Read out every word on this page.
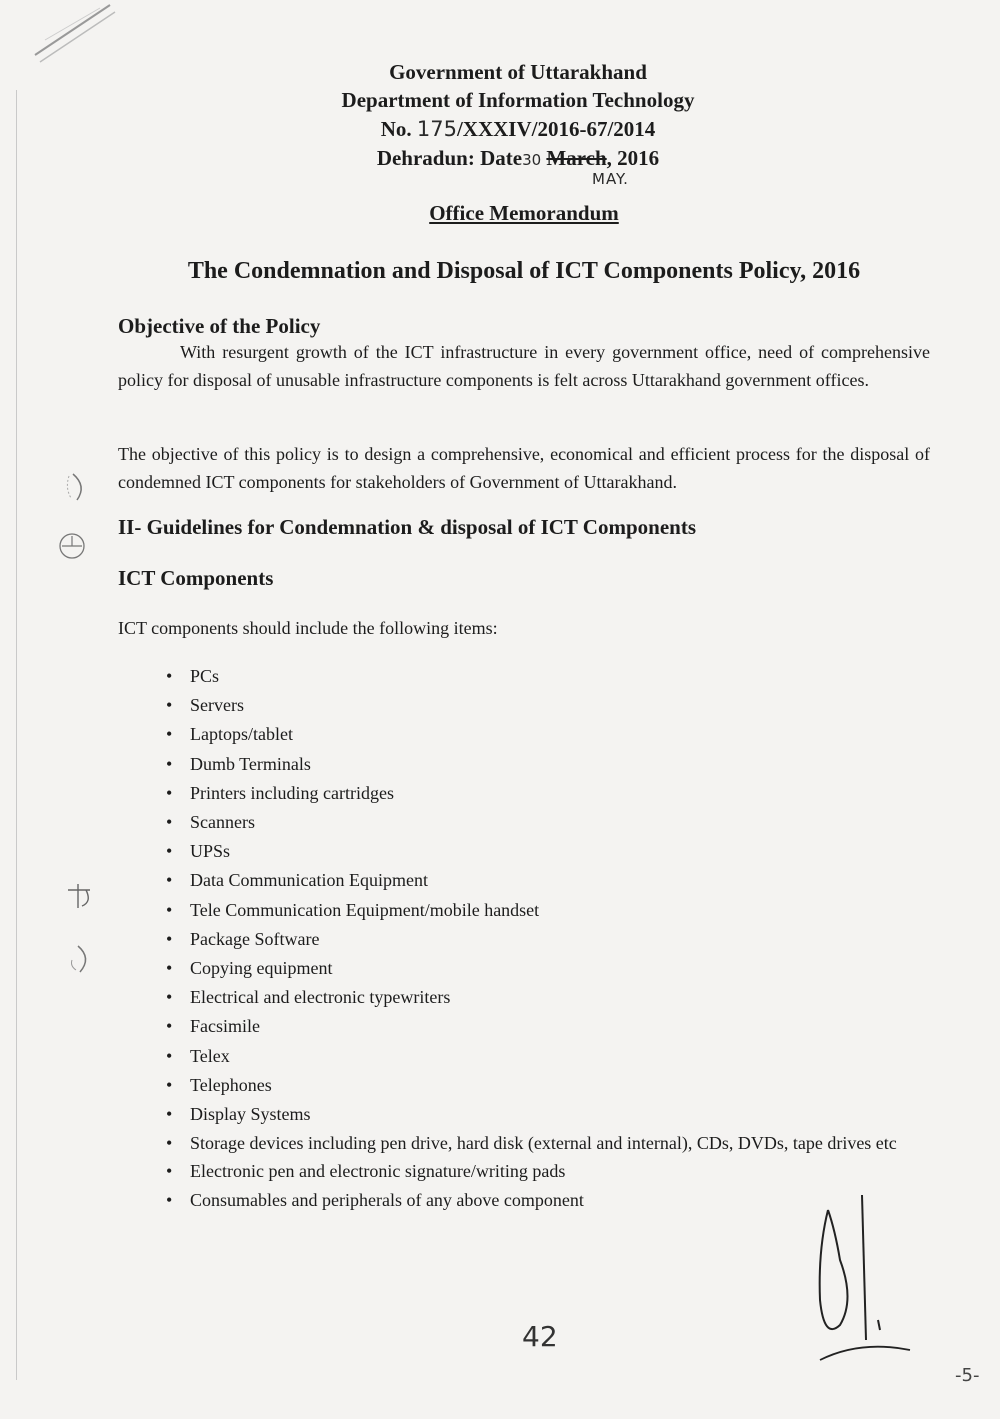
Government of Uttarakhand
Department of Information Technology
No. 175/XXXIV/2016-67/2014
Dehradun: Date30 March, 2016
MAY.
Office Memorandum
The Condemnation and Disposal of ICT Components Policy, 2016
Objective of the Policy
With resurgent growth of the ICT infrastructure in every government office, need of comprehensive policy for disposal of unusable infrastructure components is felt across Uttarakhand government offices.
The objective of this policy is to design a comprehensive, economical and efficient process for the disposal of condemned ICT components for stakeholders of Government of Uttarakhand.
II- Guidelines for Condemnation & disposal of ICT Components
ICT Components
ICT components should include the following items:
• PCs
• Servers
• Laptops/tablet
• Dumb Terminals
• Printers including cartridges
• Scanners
• UPSs
• Data Communication Equipment
• Tele Communication Equipment/mobile handset
• Package Software
• Copying equipment
• Electrical and electronic typewriters
• Facsimile
• Telex
• Telephones
• Display Systems
• Storage devices including pen drive, hard disk (external and internal), CDs, DVDs, tape drives etc
• Electronic pen and electronic signature/writing pads
• Consumables and peripherals of any above component
42
-5-
